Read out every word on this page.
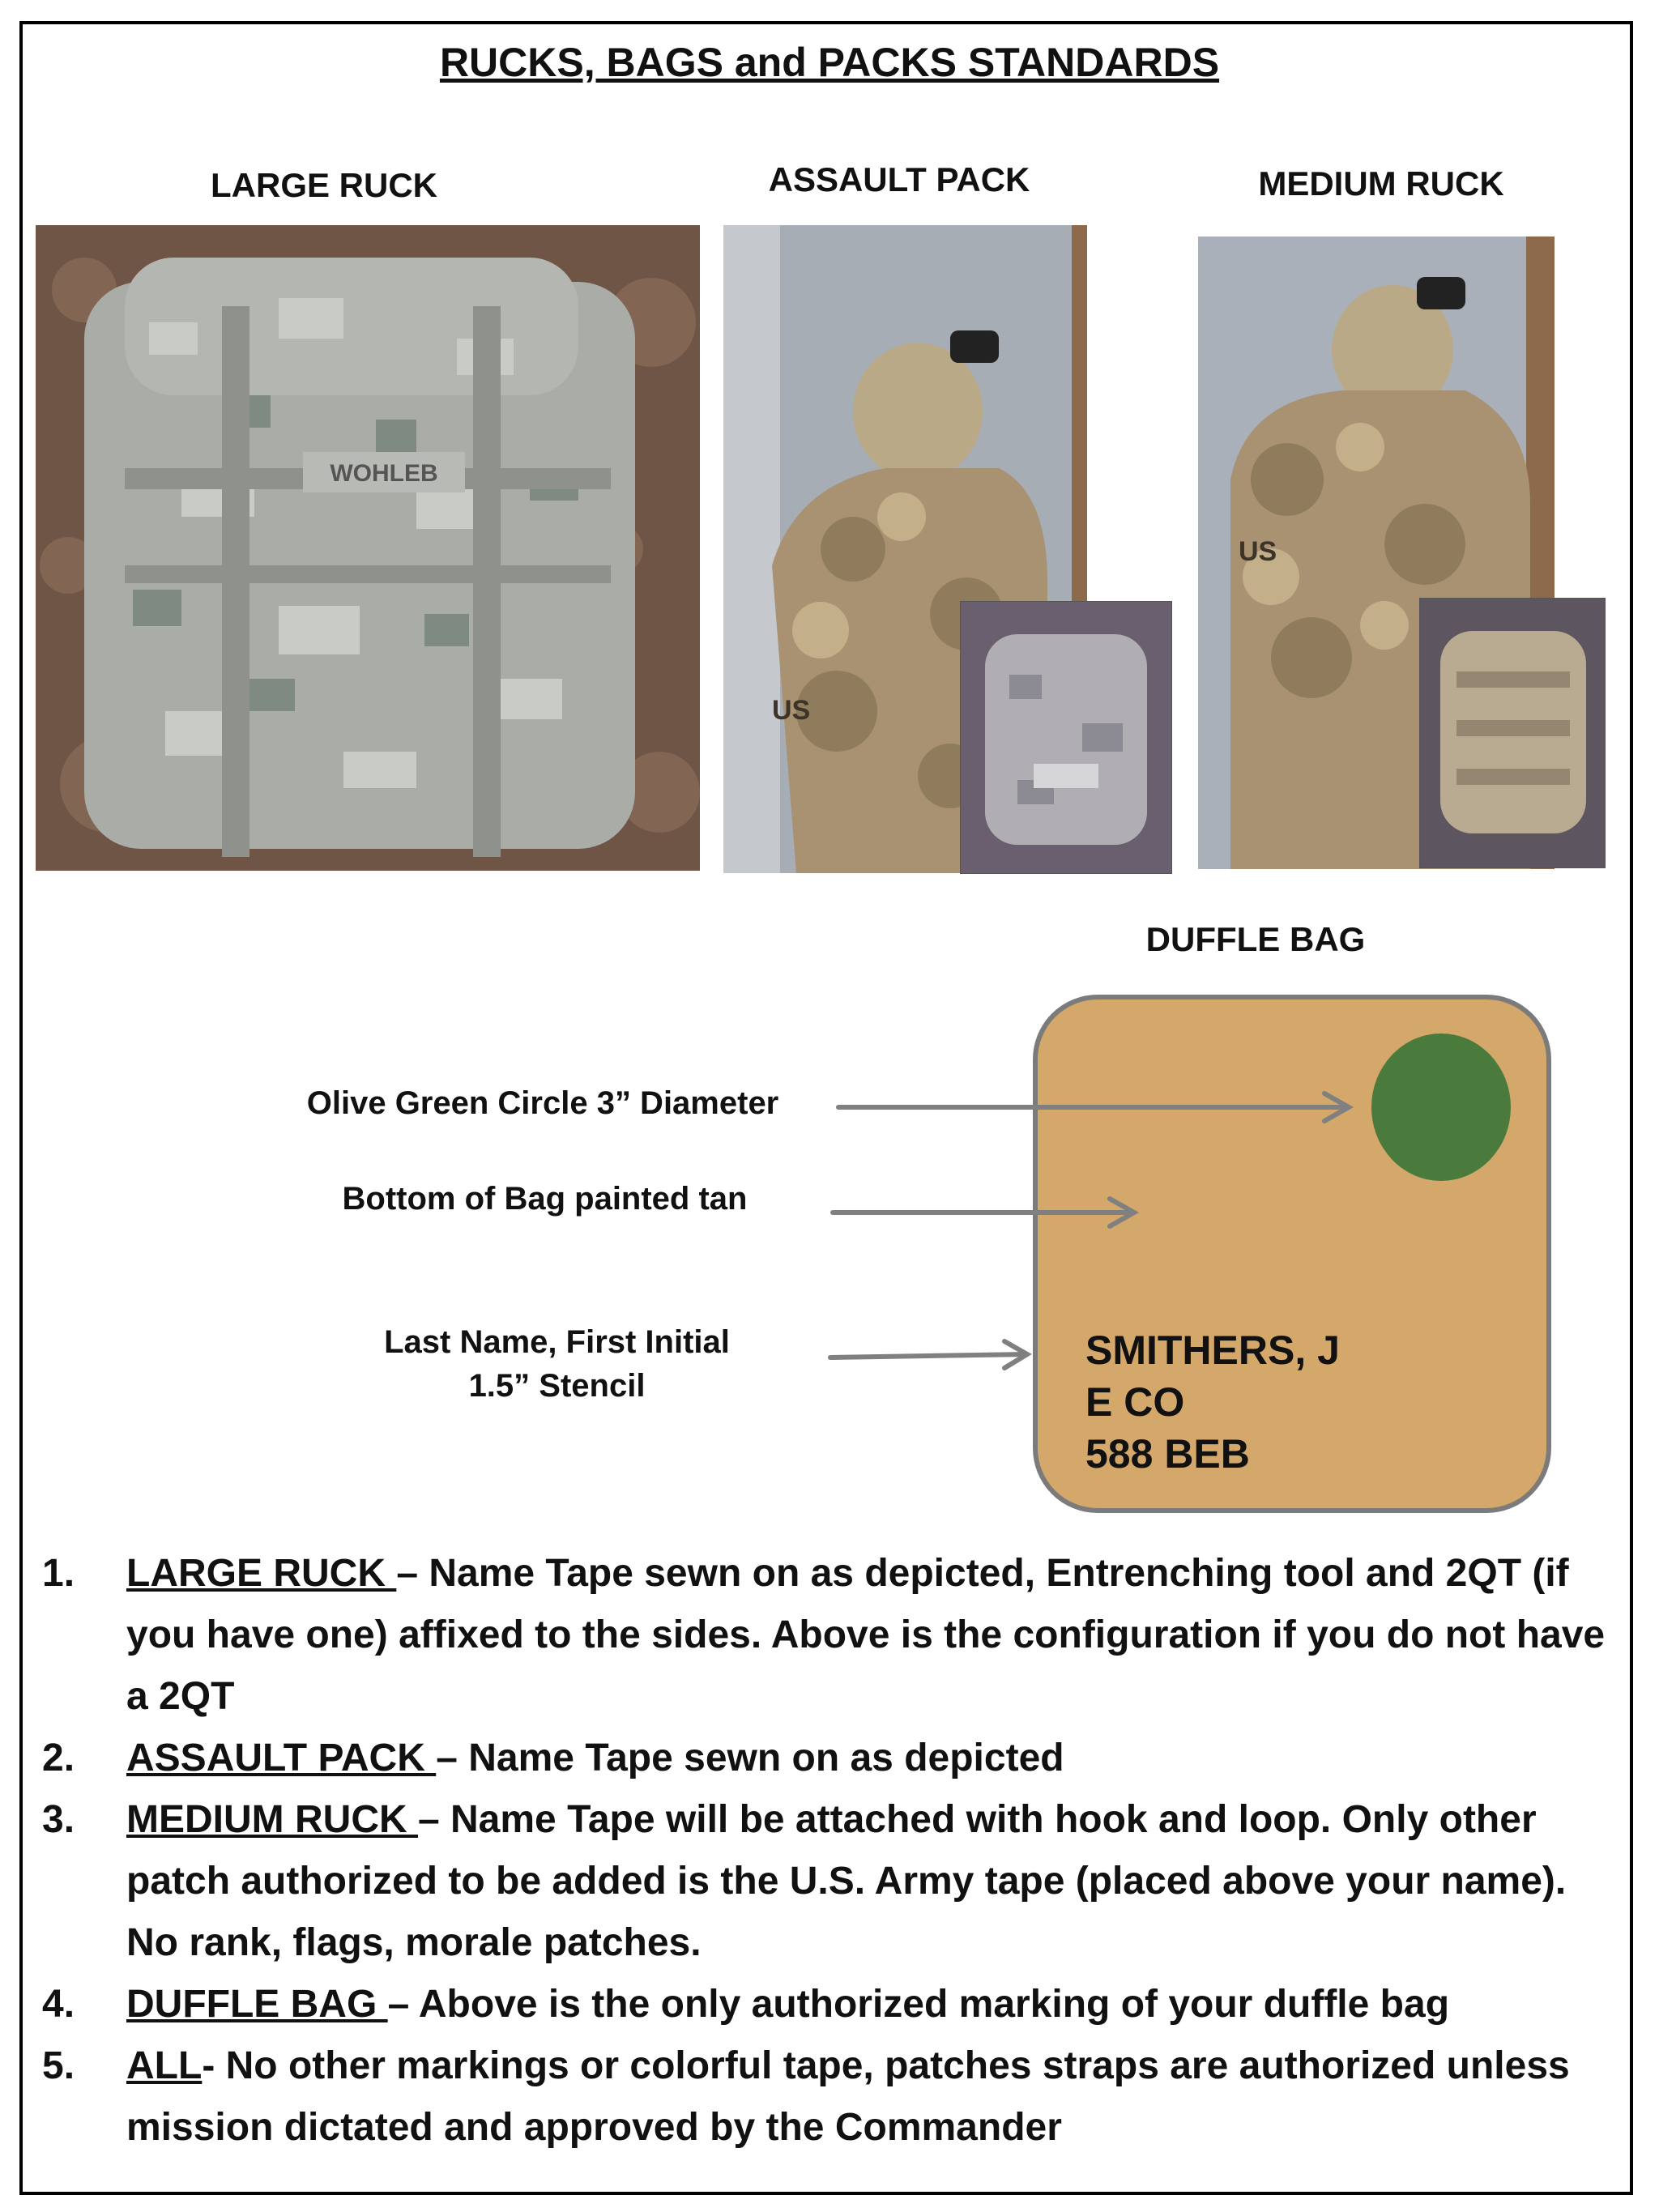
RUCKS, BAGS and PACKS STANDARDS
LARGE RUCK	ASSAULT PACK	MEDIUM RUCK
WOHLEB
US
US
DUFFLE BAG
SMITHERS, J
E CO
588 BEB
Olive Green Circle 3” Diameter
Bottom of Bag painted tan
Last Name, First Initial
1.5” Stencil
1.	LARGE RUCK – Name Tape sewn on as depicted, Entrenching tool and 2QT (if you have one) affixed to the sides. Above is the configuration if you do not have a 2QT
2.	ASSAULT PACK – Name Tape sewn on as depicted
3.	MEDIUM RUCK – Name Tape will be attached with hook and loop. Only other patch authorized to be added is the U.S. Army tape (placed above your name). No rank, flags, morale patches.
4.	DUFFLE BAG – Above is the only authorized marking of your duffle bag
5.	ALL- No other markings or colorful tape, patches straps are authorized unless mission dictated and approved by the Commander
